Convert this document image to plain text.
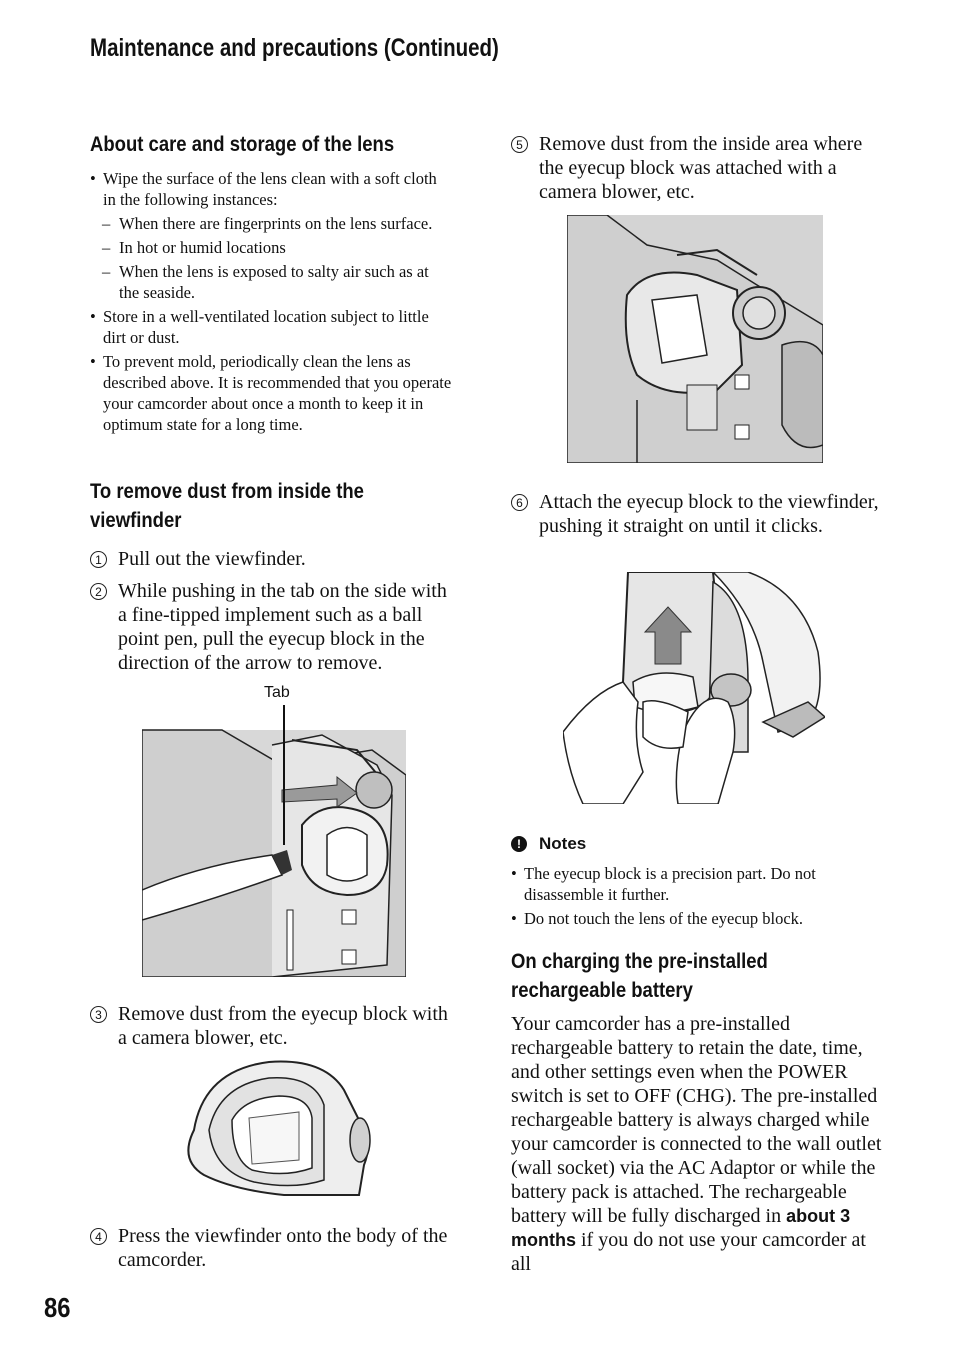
Maintenance and precautions (Continued)
About care and storage of the lens
• Wipe the surface of the lens clean with a soft cloth in the following instances:
– When there are fingerprints on the lens surface.
– In hot or humid locations
– When the lens is exposed to salty air such as at the seaside.
• Store in a well-ventilated location subject to little dirt or dust.
• To prevent mold, periodically clean the lens as described above. It is recommended that you operate your camcorder about once a month to keep it in optimum state for a long time.
To remove dust from inside the viewfinder
1 Pull out the viewfinder.
2 While pushing in the tab on the side with a fine-tipped implement such as a ball point pen, pull the eyecup block in the direction of the arrow to remove.
Tab
3 Remove dust from the eyecup block with a camera blower, etc.
4 Press the viewfinder onto the body of the camcorder.
86
5 Remove dust from the inside area where the eyecup block was attached with a camera blower, etc.
6 Attach the eyecup block to the viewfinder, pushing it straight on until it clicks.
!	Notes
• The eyecup block is a precision part. Do not disassemble it further.
• Do not touch the lens of the eyecup block.
On charging the pre-installed rechargeable battery
Your camcorder has a pre-installed rechargeable battery to retain the date, time, and other settings even when the POWER switch is set to OFF (CHG). The pre-installed rechargeable battery is always charged while your camcorder is connected to the wall outlet (wall socket) via the AC Adaptor or while the battery pack is attached. The rechargeable battery will be fully discharged in about 3 months if you do not use your camcorder at all
